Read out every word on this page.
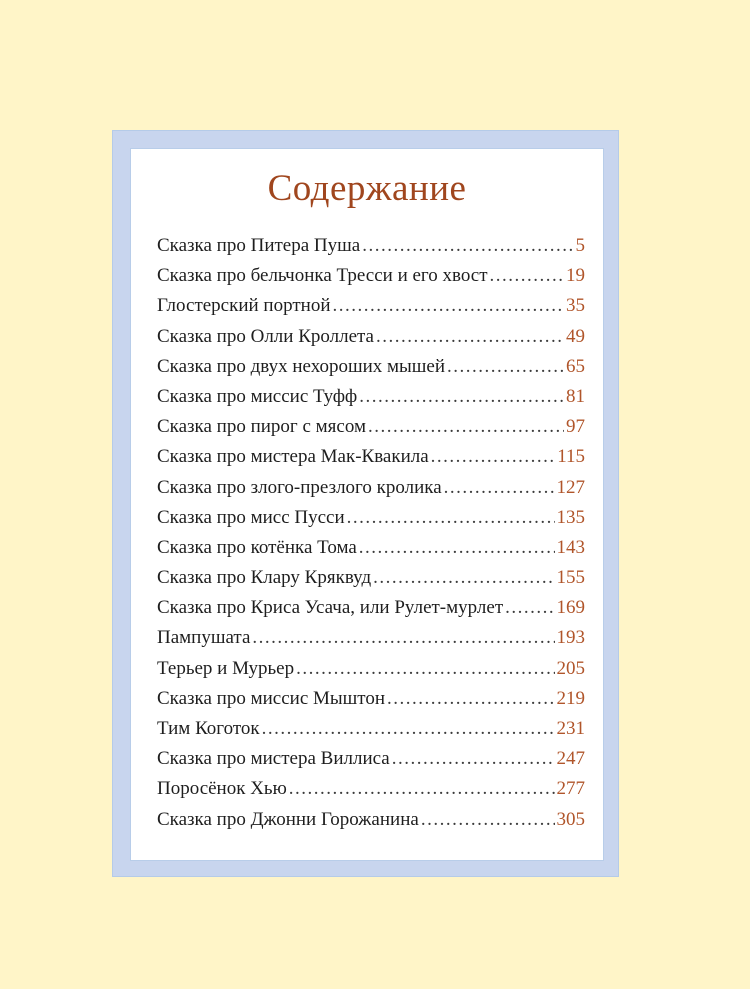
Содержание
Сказка про Питера Пуша .....	5
Сказка про бельчонка Тресси и его хвост .....	19
Глостерский портной .....	35
Сказка про Олли Кроллета .....	49
Сказка про двух нехороших мышей .....	65
Сказка про миссис Туфф .....	81
Сказка про пирог с мясом .....	97
Сказка про мистера Мак-Квакила .....	115
Сказка про злого-презлого кролика .....	127
Сказка про мисс Пусси .....	135
Сказка про котёнка Тома .....	143
Сказка про Клару Кряквуд .....	155
Сказка про Криса Усача, или Рулет-мурлет .....	169
Пампушата .....	193
Терьер и Мурьер .....	205
Сказка про миссис Мыштон .....	219
Тим Коготок .....	231
Сказка про мистера Виллиса .....	247
Поросёнок Хью .....	277
Сказка про Джонни Горожанина .....	305
